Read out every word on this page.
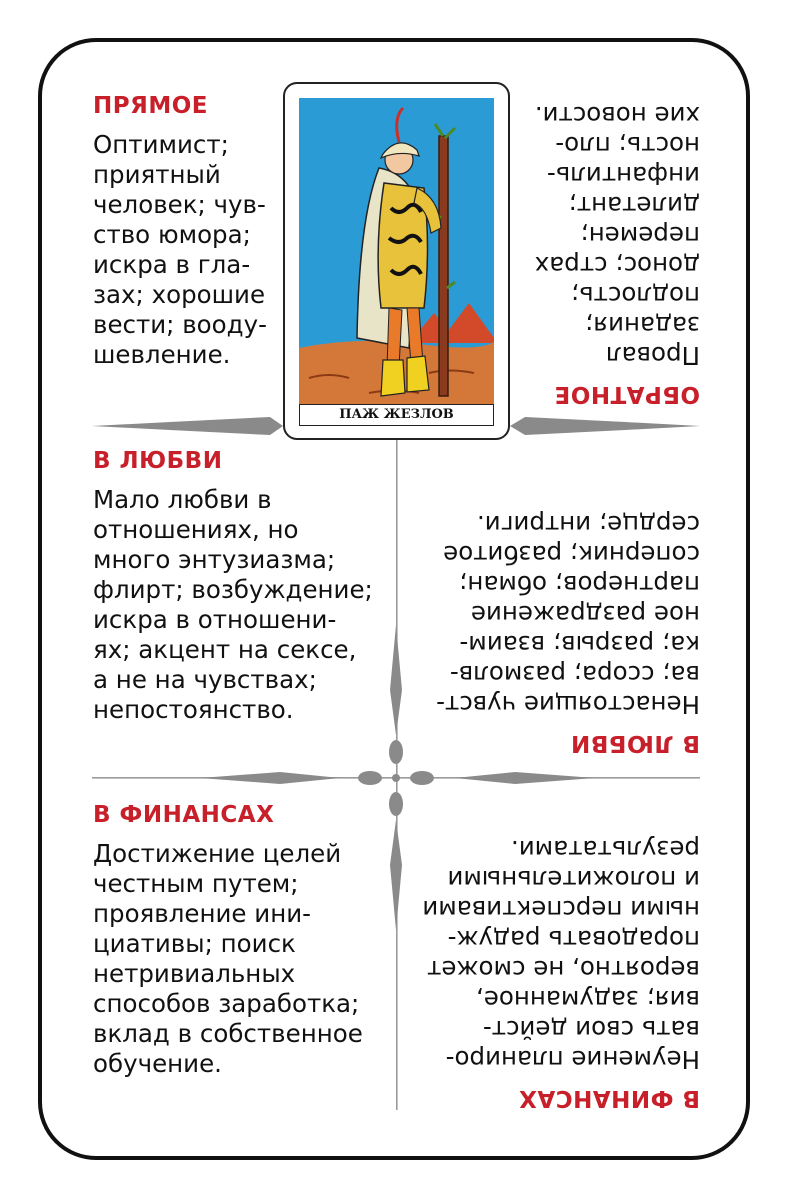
ПАЖ ЖЕЗЛОВ
ПРЯМОЕ
Оптимист;
приятный
человек; чув-
ство юмора;
искра в гла-
зах; хорошие
вести; вооду-
шевление.
В ЛЮБВИ
Мало любви в
отношениях, но
много энтузиазма;
флирт; возбуждение;
искра в отношени-
ях; акцент на сексе,
а не на чувствах;
непостоянство.
В ФИНАНСАХ
Достижение целей
честным путем;
проявление ини-
циативы; поиск
нетривиальных
способов заработка;
вклад в собственное
обучение.
ОБРАТНОЕ
Провал
задания;
подлость;
донос; страх
перемен;
дилетант;
инфантиль-
ность; пло-
хие новости.
В ЛЮБВИ
Ненастоящие чувст-
ва; ссора; размолв-
ка; разрыв; взаим-
ное раздражение
партнеров; обман;
соперник; разбитое
сердце; интриги.
В ФИНАНСАХ
Неумение планиро-
вать свои дейст-
вия; задуманное,
вероятно, не сможет
порадовать радуж-
ными перспективами
и положительными
результатами.
